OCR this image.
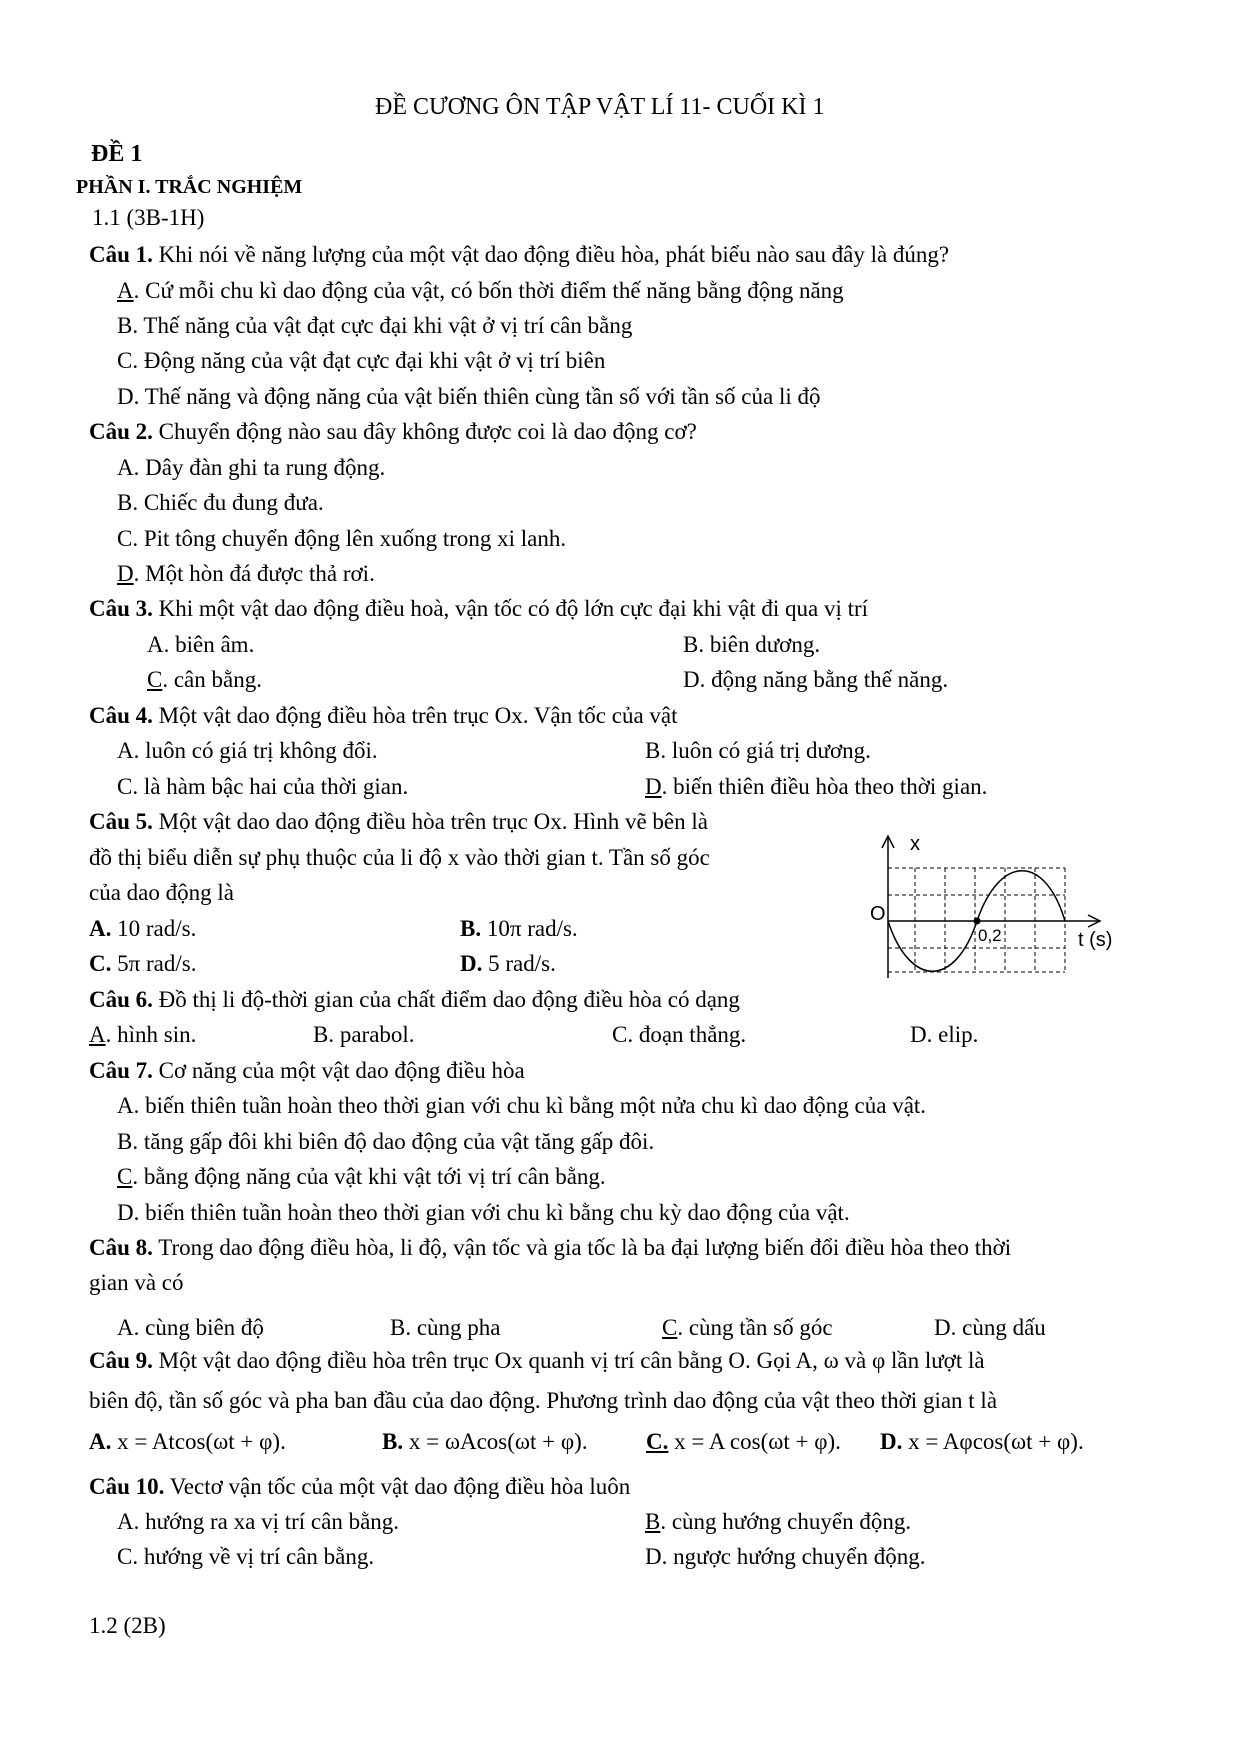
ĐỀ CƯƠNG ÔN TẬP VẬT LÍ 11- CUỐI KÌ 1
ĐỀ 1
PHẦN I. TRẮC NGHIỆM
1.1 (3B-1H)
Câu 1. Khi nói về năng lượng của một vật dao động điều hòa, phát biểu nào sau đây là đúng?
A. Cứ mỗi chu kì dao động của vật, có bốn thời điểm thế năng bằng động năng
B. Thế năng của vật đạt cực đại khi vật ở vị trí cân bằng
C. Động năng của vật đạt cực đại khi vật ở vị trí biên
D. Thế năng và động năng của vật biến thiên cùng tần số với tần số của li độ
Câu 2. Chuyển động nào sau đây không được coi là dao động cơ?
A. Dây đàn ghi ta rung động.
B. Chiếc đu đung đưa.
C. Pit tông chuyển động lên xuống trong xi lanh.
D. Một hòn đá được thả rơi.
Câu 3. Khi một vật dao động điều hoà, vận tốc có độ lớn cực đại khi vật đi qua vị trí
A. biên âm.	B. biên dương.
C. cân bằng.	D. động năng bằng thế năng.
Câu 4. Một vật dao động điều hòa trên trục Ox. Vận tốc của vật
A. luôn có giá trị không đổi.	B. luôn có giá trị dương.
C. là hàm bậc hai của thời gian.	D. biến thiên điều hòa theo thời gian.
Câu 5. Một vật dao dao động điều hòa trên trục Ox. Hình vẽ bên là
đồ thị biểu diễn sự phụ thuộc của li độ x vào thời gian t. Tần số góc
của dao động là
A. 10 rad/s.	B. 10π rad/s.
C. 5π rad/s.	D. 5 rad/s.
x
O
0,2	t (s)
Câu 6. Đồ thị li độ-thời gian của chất điểm dao động điều hòa có dạng
A. hình sin.	B. parabol.	C. đoạn thẳng.	D. elip.
Câu 7. Cơ năng của một vật dao động điều hòa
A. biến thiên tuần hoàn theo thời gian với chu kì bằng một nửa chu kì dao động của vật.
B. tăng gấp đôi khi biên độ dao động của vật tăng gấp đôi.
C. bằng động năng của vật khi vật tới vị trí cân bằng.
D. biến thiên tuần hoàn theo thời gian với chu kì bằng chu kỳ dao động của vật.
Câu 8. Trong dao động điều hòa, li độ, vận tốc và gia tốc là ba đại lượng biến đổi điều hòa theo thời
gian và có
A. cùng biên độ	B. cùng pha	C. cùng tần số góc	D. cùng dấu
Câu 9. Một vật dao động điều hòa trên trục Ox quanh vị trí cân bằng O. Gọi A, ω và φ lần lượt là
biên độ, tần số góc và pha ban đầu của dao động. Phương trình dao động của vật theo thời gian t là
A. x = Atcos(ωt + φ).	B. x = ωAcos(ωt + φ).	C. x = A cos(ωt + φ). D. x = Aφcos(ωt + φ).
Câu 10. Vectơ vận tốc của một vật dao động điều hòa luôn
A. hướng ra xa vị trí cân bằng.	B. cùng hướng chuyển động.
C. hướng về vị trí cân bằng.	D. ngược hướng chuyển động.
1.2 (2B)
